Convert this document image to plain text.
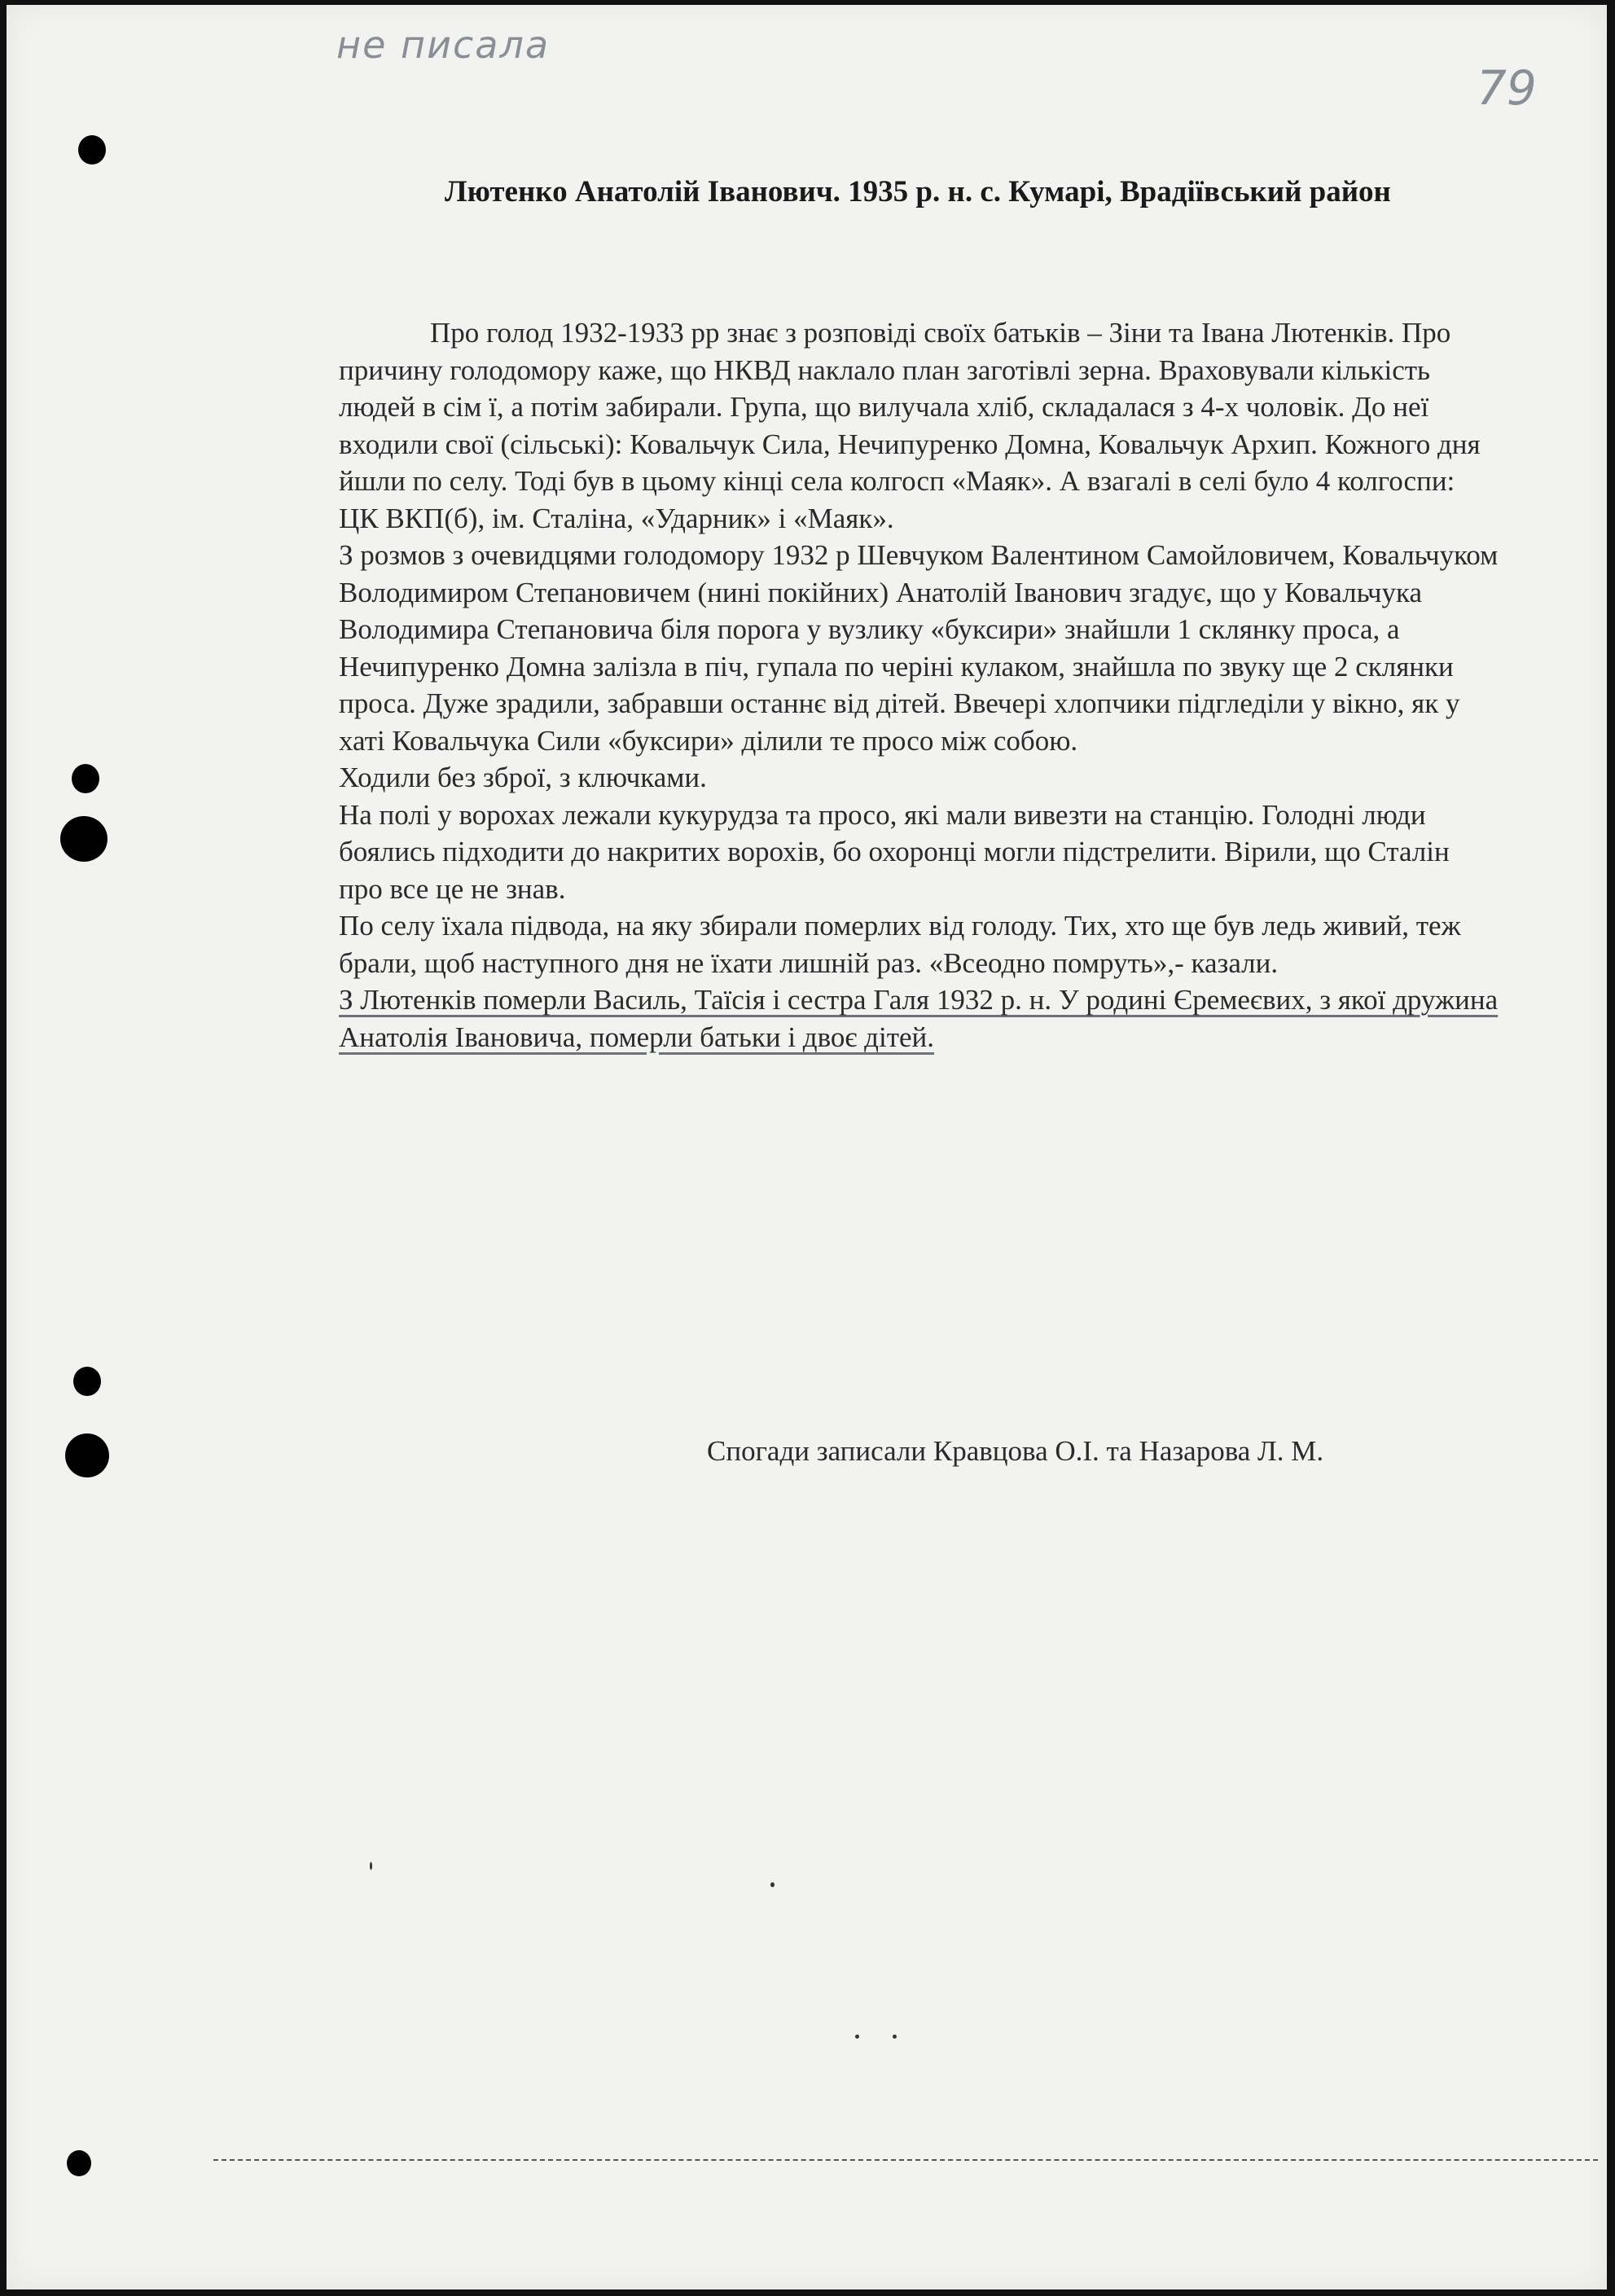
не писала
79
Лютенко Анатолій Іванович. 1935 р. н. с. Кумарі, Врадіївський район

Про голод 1932-1933 рр знає з розповіді своїх батьків – Зіни та Івана Лютенків. Про причину голодомору каже, що НКВД наклало план заготівлі зерна. Враховували кількість людей в сім ї, а потім забирали. Група, що вилучала хліб, складалася з 4-х чоловік. До неї входили свої (сільські): Ковальчук Сила, Нечипуренко Домна, Ковальчук Архип. Кожного дня йшли по селу. Тоді був в цьому кінці села колгосп «Маяк». А взагалі в селі було 4 колгоспи: ЦК ВКП(б), ім. Сталіна, «Ударник» і «Маяк».

З розмов з очевидцями голодомору 1932 р Шевчуком Валентином Самойловичем, Ковальчуком Володимиром Степановичем (нині покійних) Анатолій Іванович згадує, що у Ковальчука Володимира Степановича біля порога у вузлику «буксири» знайшли 1 склянку проса, а Нечипуренко Домна залізла в піч, гупала по черіні кулаком, знайшла по звуку ще 2 склянки проса. Дуже зрадили, забравши останнє від дітей. Ввечері хлопчики підгледіли у вікно, як у хаті Ковальчука Сили «буксири» ділили те просо між собою.

Ходили без зброї, з ключками.

На полі у ворохах лежали кукурудза та просо, які мали вивезти на станцію. Голодні люди боялись підходити до накритих ворохів, бо охоронці могли підстрелити. Вірили, що Сталін про все це не знав.

По селу їхала підвода, на яку збирали померлих від голоду. Тих, хто ще був ледь живий, теж брали, щоб наступного дня не їхати лишній раз. «Всеодно помруть»,- казали.

З Лютенків померли Василь, Таїсія і сестра Галя 1932 р. н. У родині Єремеєвих, з якої дружина Анатолія Івановича, померли батьки і двоє дітей.

Спогади записали Кравцова О.І. та Назарова Л. М.
